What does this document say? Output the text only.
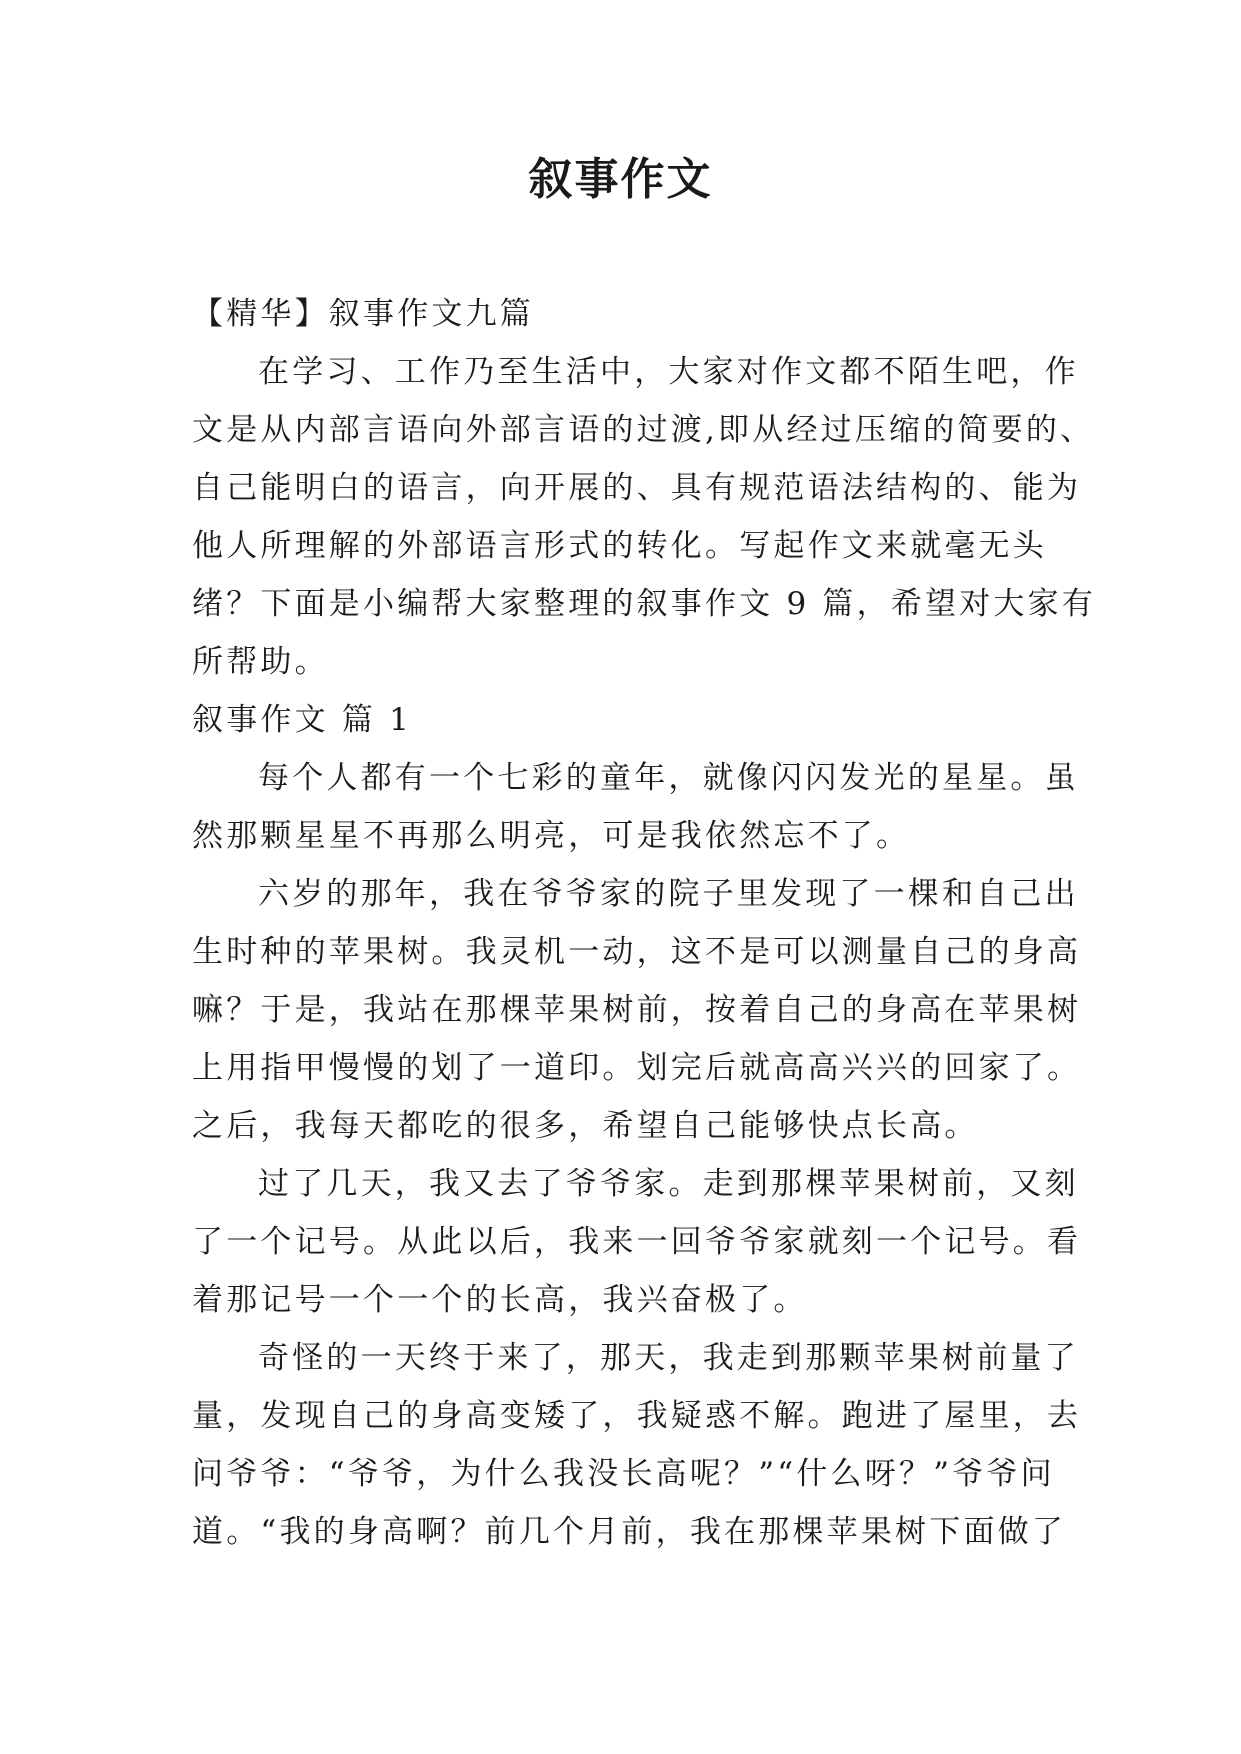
叙事作文
【精华】叙事作文九篇
在学习、工作乃至生活中，大家对作文都不陌生吧，作
文是从内部言语向外部言语的过渡,即从经过压缩的简要的、
自己能明白的语言，向开展的、具有规范语法结构的、能为
他人所理解的外部语言形式的转化。写起作文来就毫无头
绪？下面是小编帮大家整理的叙事作文 9 篇，希望对大家有
所帮助。
叙事作文 篇 1
每个人都有一个七彩的童年，就像闪闪发光的星星。虽
然那颗星星不再那么明亮，可是我依然忘不了。
六岁的那年，我在爷爷家的院子里发现了一棵和自己出
生时种的苹果树。我灵机一动，这不是可以测量自己的身高
嘛？于是，我站在那棵苹果树前，按着自己的身高在苹果树
上用指甲慢慢的划了一道印。划完后就高高兴兴的回家了。
之后，我每天都吃的很多，希望自己能够快点长高。
过了几天，我又去了爷爷家。走到那棵苹果树前，又刻
了一个记号。从此以后，我来一回爷爷家就刻一个记号。看
着那记号一个一个的长高，我兴奋极了。
奇怪的一天终于来了，那天，我走到那颗苹果树前量了
量，发现自己的身高变矮了，我疑惑不解。跑进了屋里，去
问爷爷：“爷爷，为什么我没长高呢？”“什么呀？”爷爷问
道。“我的身高啊？前几个月前，我在那棵苹果树下面做了
